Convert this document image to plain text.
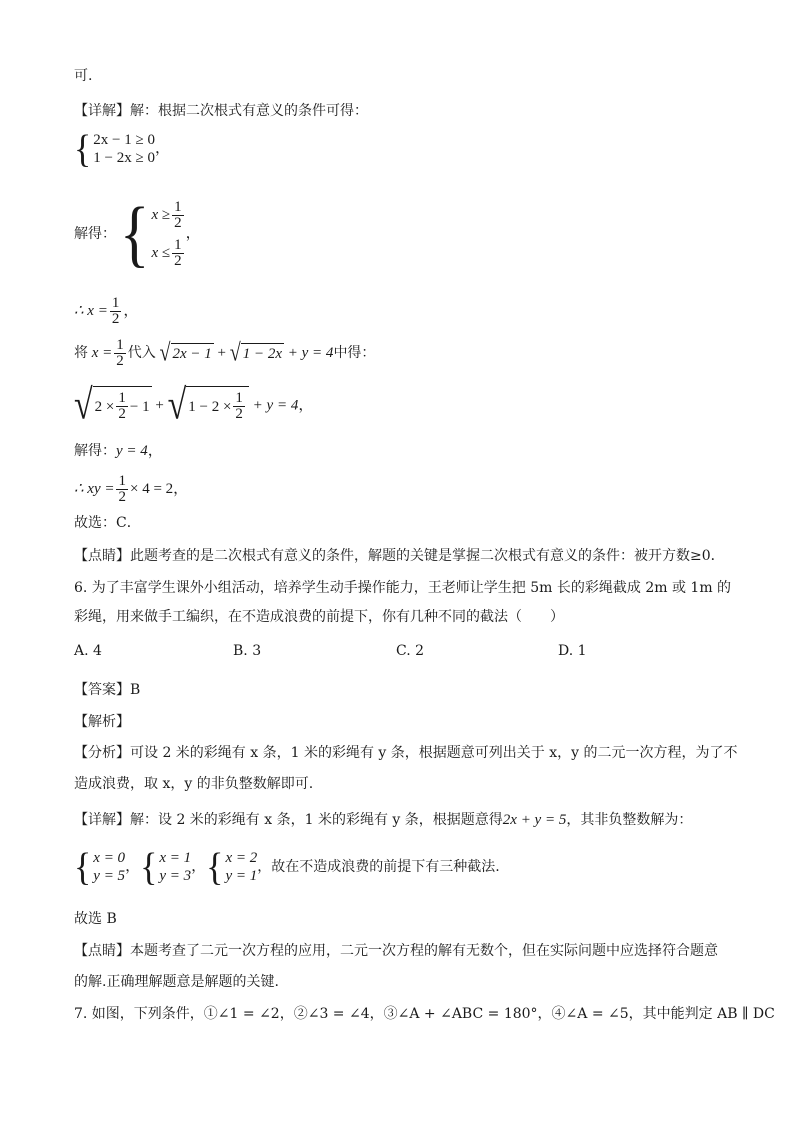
可.
【详解】解：根据二次根式有意义的条件可得：
{ 2x − 1 ≥ 0
1 − 2x ≥ 0
，
解得： { $x \ge \frac{1}{2}$
$x \le \frac{1}{2}$
，
∴ $x = \frac{1}{2}$ ，
将 $x = \frac{1}{2}$ 代入 √ 2x − 1 + √ 1 − 2x + y = 4中得：
√ $2 \times \frac{1}{2} - 1$ + √ $1 - 2 \times \frac{1}{2} + y = 4$，
解得：y = 4，
∴ xy = $\frac{1}{2} \times 4 = 2$，
故选：C．
【点睛】此题考查的是二次根式有意义的条件，解题的关键是掌握二次根式有意义的条件：被开方数≥0．
6. 为了丰富学生课外小组活动，培养学生动手操作能力，王老师让学生把 5m 长的彩绳截成 2m 或 1m 的
彩绳，用来做手工编织，在不造成浪费的前提下，你有几种不同的截法（　　）
A. 4	B. 3	C. 2	D. 1
【答案】B
【解析】
【分析】可设 2 米的彩绳有 x 条，1 米的彩绳有 y 条，根据题意可列出关于 x，y 的二元一次方程，为了不
造成浪费，取 x，y 的非负整数解即可.
【详解】解：设 2 米的彩绳有 x 条，1 米的彩绳有 y 条，根据题意得2x + y = 5，其非负整数解为：
{ x = 0
y = 5
， { x = 1
y = 3
， { x = 2
y = 1
，故在不造成浪费的前提下有三种截法.
故选 B
【点睛】本题考查了二元一次方程的应用，二元一次方程的解有无数个，但在实际问题中应选择符合题意
的解.正确理解题意是解题的关键.
7. 如图，下列条件，①∠1 = ∠2，②∠3 = ∠4，③∠A + ∠ABC = 180°，④∠A = ∠5，其中能判定 AB ∥ DC
